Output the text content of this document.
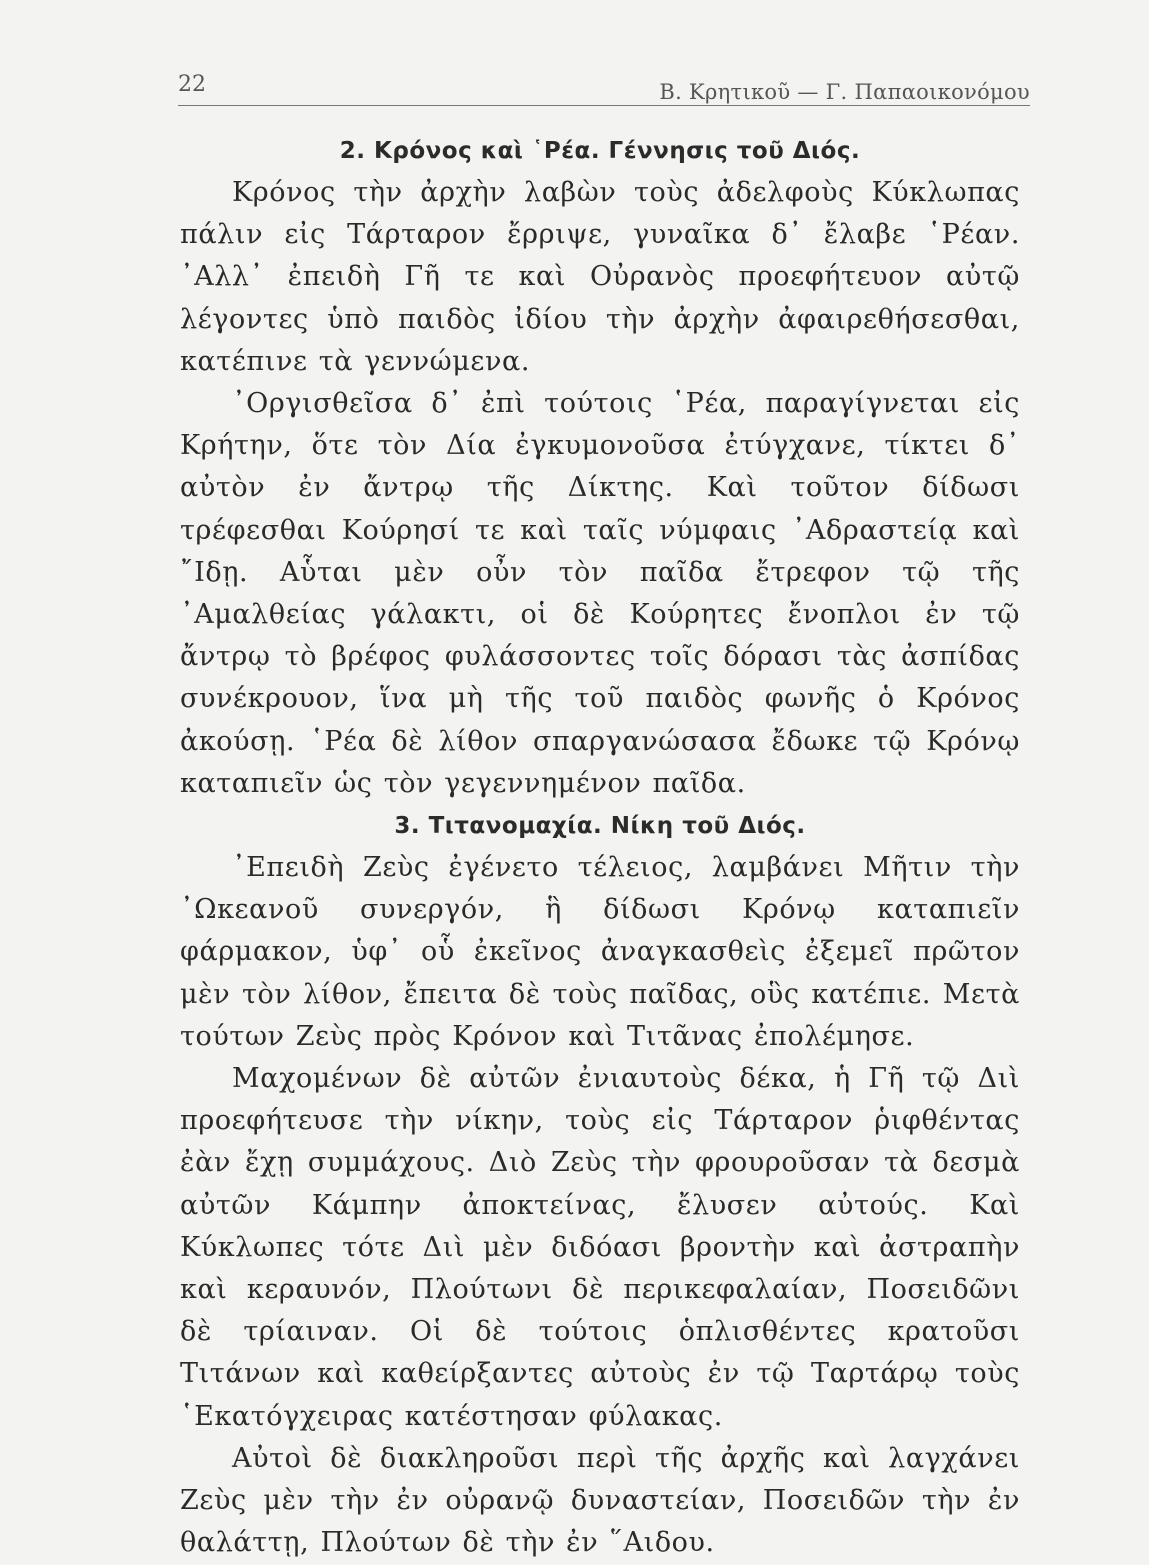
22	Β. Κρητικοῦ — Γ. Παπαοικονόμου
2. Κρόνος καὶ ῾Ρέα. Γέννησις τοῦ Διός.

Κρόνος τὴν ἀρχὴν λαβὼν τοὺς ἀδελφοὺς Κύκλωπας πάλιν εἰς Τάρταρον ἔρριψε, γυναῖκα δ᾽ ἔλαβε ῾Ρέαν. ᾽Αλλ᾽ ἐπειδὴ Γῆ τε καὶ Οὐρανὸς προεφήτευον αὐτῷ λέγοντες ὑπὸ παιδὸς ἰδίου τὴν ἀρχὴν ἀφαιρεθήσεσθαι, κατέπινε τὰ γεννώμενα.

᾽Οργισθεῖσα δ᾽ ἐπὶ τούτοις ῾Ρέα, παραγίγνεται εἰς Κρήτην, ὅτε τὸν Δία ἐγκυμονοῦσα ἐτύγχανε, τίκτει δ᾽ αὐτὸν ἐν ἄντρῳ τῆς Δίκτης. Καὶ τοῦτον δίδωσι τρέφεσθαι Κούρησί τε καὶ ταῖς νύμφαις ᾽Αδραστείᾳ καὶ ῎Ιδῃ. Αὗται μὲν οὖν τὸν παῖδα ἔτρεφον τῷ τῆς ᾽Αμαλθείας γάλακτι, οἱ δὲ Κούρητες ἔνοπλοι ἐν τῷ ἄντρῳ τὸ βρέφος φυλάσσοντες τοῖς δόρασι τὰς ἀσπίδας συνέκρουον, ἵνα μὴ τῆς τοῦ παιδὸς φωνῆς ὁ Κρόνος ἀκούσῃ. ῾Ρέα δὲ λίθον σπαργανώσασα ἔδωκε τῷ Κρόνῳ καταπιεῖν ὡς τὸν γεγεννημένον παῖδα.

3. Τιτανομαχία. Νίκη τοῦ Διός.

᾽Επειδὴ Ζεὺς ἐγένετο τέλειος, λαμβάνει Μῆτιν τὴν ᾽Ωκεανοῦ συνεργόν, ἣ δίδωσι Κρόνῳ καταπιεῖν φάρμακον, ὑφ᾽ οὗ ἐκεῖνος ἀναγκασθεὶς ἐξεμεῖ πρῶτον μὲν τὸν λίθον, ἔπειτα δὲ τοὺς παῖδας, οὓς κατέπιε. Μετὰ τούτων Ζεὺς πρὸς Κρόνον καὶ Τιτᾶνας ἐπολέμησε.

Μαχομένων δὲ αὐτῶν ἐνιαυτοὺς δέκα, ἡ Γῆ τῷ Διὶ προεφήτευσε τὴν νίκην, τοὺς εἰς Τάρταρον ῥιφθέντας ἐὰν ἔχῃ συμμάχους. Διὸ Ζεὺς τὴν φρουροῦσαν τὰ δεσμὰ αὐτῶν Κάμπην ἀποκτείνας, ἔλυσεν αὐτούς. Καὶ Κύκλωπες τότε Διὶ μὲν διδόασι βροντὴν καὶ ἀστραπὴν καὶ κεραυνόν, Πλούτωνι δὲ περικεφαλαίαν, Ποσειδῶνι δὲ τρίαιναν. Οἱ δὲ τούτοις ὁπλισθέντες κρατοῦσι Τιτάνων καὶ καθείρξαντες αὐτοὺς ἐν τῷ Ταρτάρῳ τοὺς ῾Εκατόγχειρας κατέστησαν φύλακας.

Αὐτοὶ δὲ διακληροῦσι περὶ τῆς ἀρχῆς καὶ λαγχάνει Ζεὺς μὲν τὴν ἐν οὐρανῷ δυναστείαν, Ποσειδῶν τὴν ἐν θαλάττῃ, Πλούτων δὲ τὴν ἐν ῞Αιδου.
